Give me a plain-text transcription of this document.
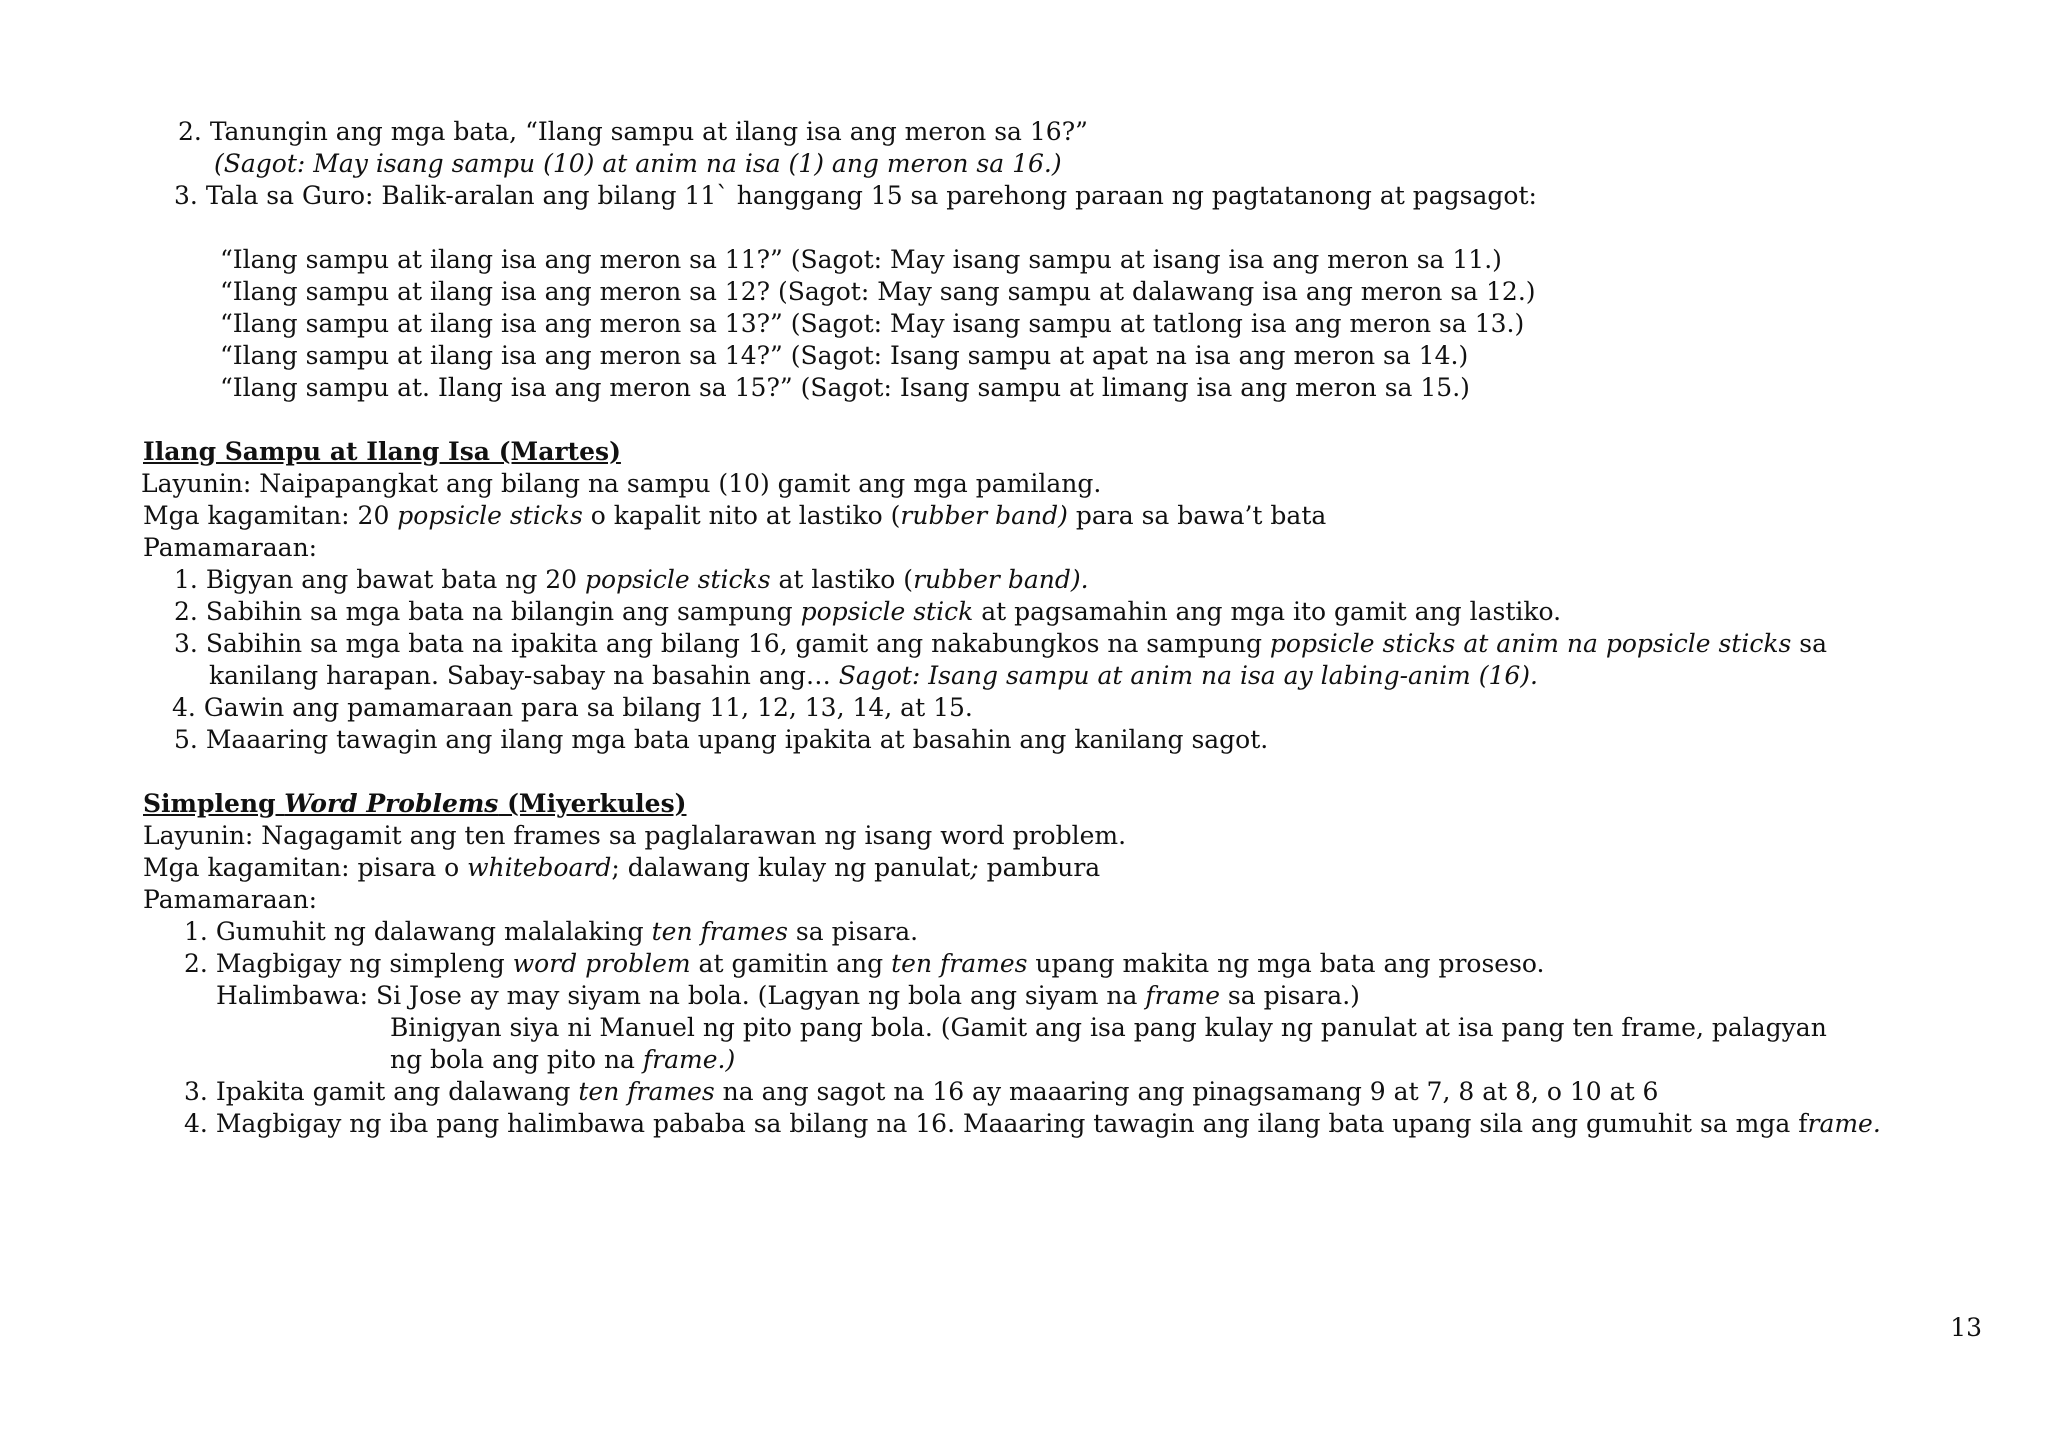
2. Tanungin ang mga bata, “Ilang sampu at ilang isa ang meron sa 16?”
(Sagot: May isang sampu (10) at anim na isa (1) ang meron sa 16.)
3. Tala sa Guro: Balik-aralan ang bilang 11` hanggang 15 sa parehong paraan ng pagtatanong at pagsagot:
“Ilang sampu at ilang isa ang meron sa 11?” (Sagot: May isang sampu at isang isa ang meron sa 11.)
“Ilang sampu at ilang isa ang meron sa 12? (Sagot: May sang sampu at dalawang isa ang meron sa 12.)
“Ilang sampu at ilang isa ang meron sa 13?” (Sagot: May isang sampu at tatlong isa ang meron sa 13.)
“Ilang sampu at ilang isa ang meron sa 14?” (Sagot: Isang sampu at apat na isa ang meron sa 14.)
“Ilang sampu at. Ilang isa ang meron sa 15?” (Sagot: Isang sampu at limang isa ang meron sa 15.)
Ilang Sampu at Ilang Isa (Martes)
Layunin: Naipapangkat ang bilang na sampu (10) gamit ang mga pamilang.
Mga kagamitan: 20 popsicle sticks o kapalit nito at lastiko (rubber band) para sa bawa’t bata
Pamamaraan:
1. Bigyan ang bawat bata ng 20 popsicle sticks at lastiko (rubber band).
2. Sabihin sa mga bata na bilangin ang sampung popsicle stick at pagsamahin ang mga ito gamit ang lastiko.
3. Sabihin sa mga bata na ipakita ang bilang 16, gamit ang nakabungkos na sampung popsicle sticks at anim na popsicle sticks sa
kanilang harapan. Sabay-sabay na basahin ang… Sagot: Isang sampu at anim na isa ay labing-anim (16).
4. Gawin ang pamamaraan para sa bilang 11, 12, 13, 14, at 15.
5. Maaaring tawagin ang ilang mga bata upang ipakita at basahin ang kanilang sagot.
Simpleng Word Problems (Miyerkules)
Layunin: Nagagamit ang ten frames sa paglalarawan ng isang word problem.
Mga kagamitan: pisara o whiteboard; dalawang kulay ng panulat; pambura
Pamamaraan:
1. Gumuhit ng dalawang malalaking ten frames sa pisara.
2. Magbigay ng simpleng word problem at gamitin ang ten frames upang makita ng mga bata ang proseso.
Halimbawa: Si Jose ay may siyam na bola. (Lagyan ng bola ang siyam na frame sa pisara.)
Binigyan siya ni Manuel ng pito pang bola. (Gamit ang isa pang kulay ng panulat at isa pang ten frame, palagyan
ng bola ang pito na frame.)
3. Ipakita gamit ang dalawang ten frames na ang sagot na 16 ay maaaring ang pinagsamang 9 at 7, 8 at 8, o 10 at 6
4. Magbigay ng iba pang halimbawa pababa sa bilang na 16. Maaaring tawagin ang ilang bata upang sila ang gumuhit sa mga frame.
13
